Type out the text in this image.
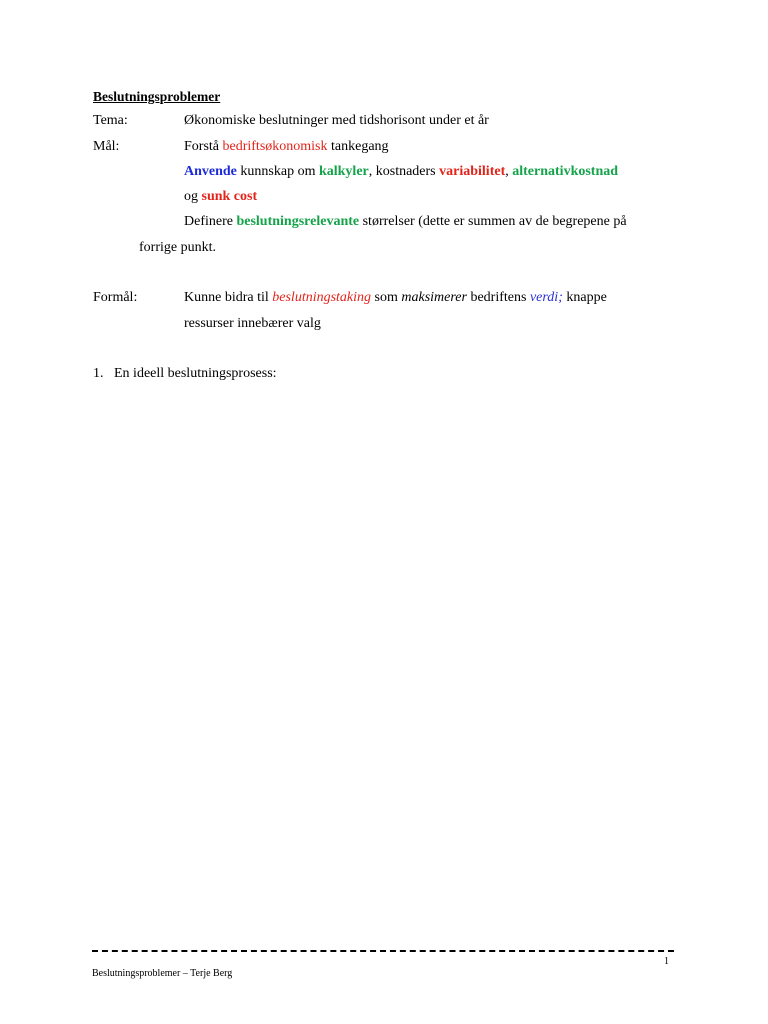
Beslutningsproblemer
Tema:	Økonomiske beslutninger med tidshorisont under et år
Mål:	Forstå bedriftsøkonomisk tankegang
Anvende kunnskap om kalkyler, kostnaders variabilitet, alternativkostnad
og sunk cost
Definere beslutningsrelevante størrelser (dette er summen av de begrepene på
forrige punkt.
Formål:	Kunne bidra til beslutningstaking som maksimerer bedriftens verdi; knappe
ressurser innebærer valg
1.   En ideell beslutningsprosess:
1
Beslutningsproblemer – Terje Berg
